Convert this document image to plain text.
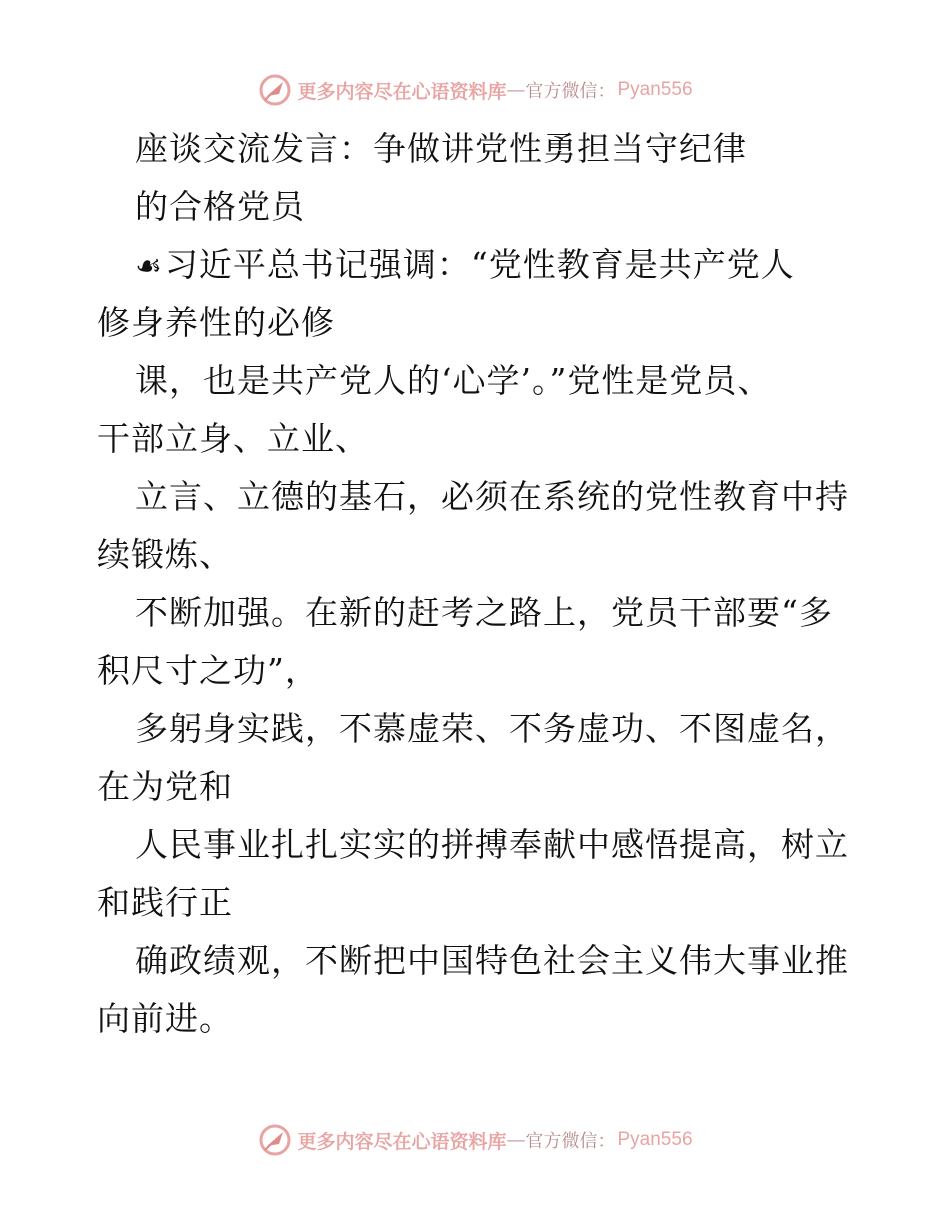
更多内容尽在心语资料库 — 官方微信： Pyan556
座谈交流发言：争做讲党性勇担当守纪律
的合格党员
☙习近平总书记强调：“党性教育是共产党人
修身养性的必修
课，也是共产党人的‘心学’。”党性是党员、
干部立身、立业、
立言、立德的基石，必须在系统的党性教育中持
续锻炼、
不断加强。在新的赶考之路上，党员干部要“多
积尺寸之功”，
多躬身实践，不慕虚荣、不务虚功、不图虚名，
在为党和
人民事业扎扎实实的拼搏奉献中感悟提高，树立
和践行正
确政绩观，不断把中国特色社会主义伟大事业推
向前进。
更多内容尽在心语资料库 — 官方微信： Pyan556
